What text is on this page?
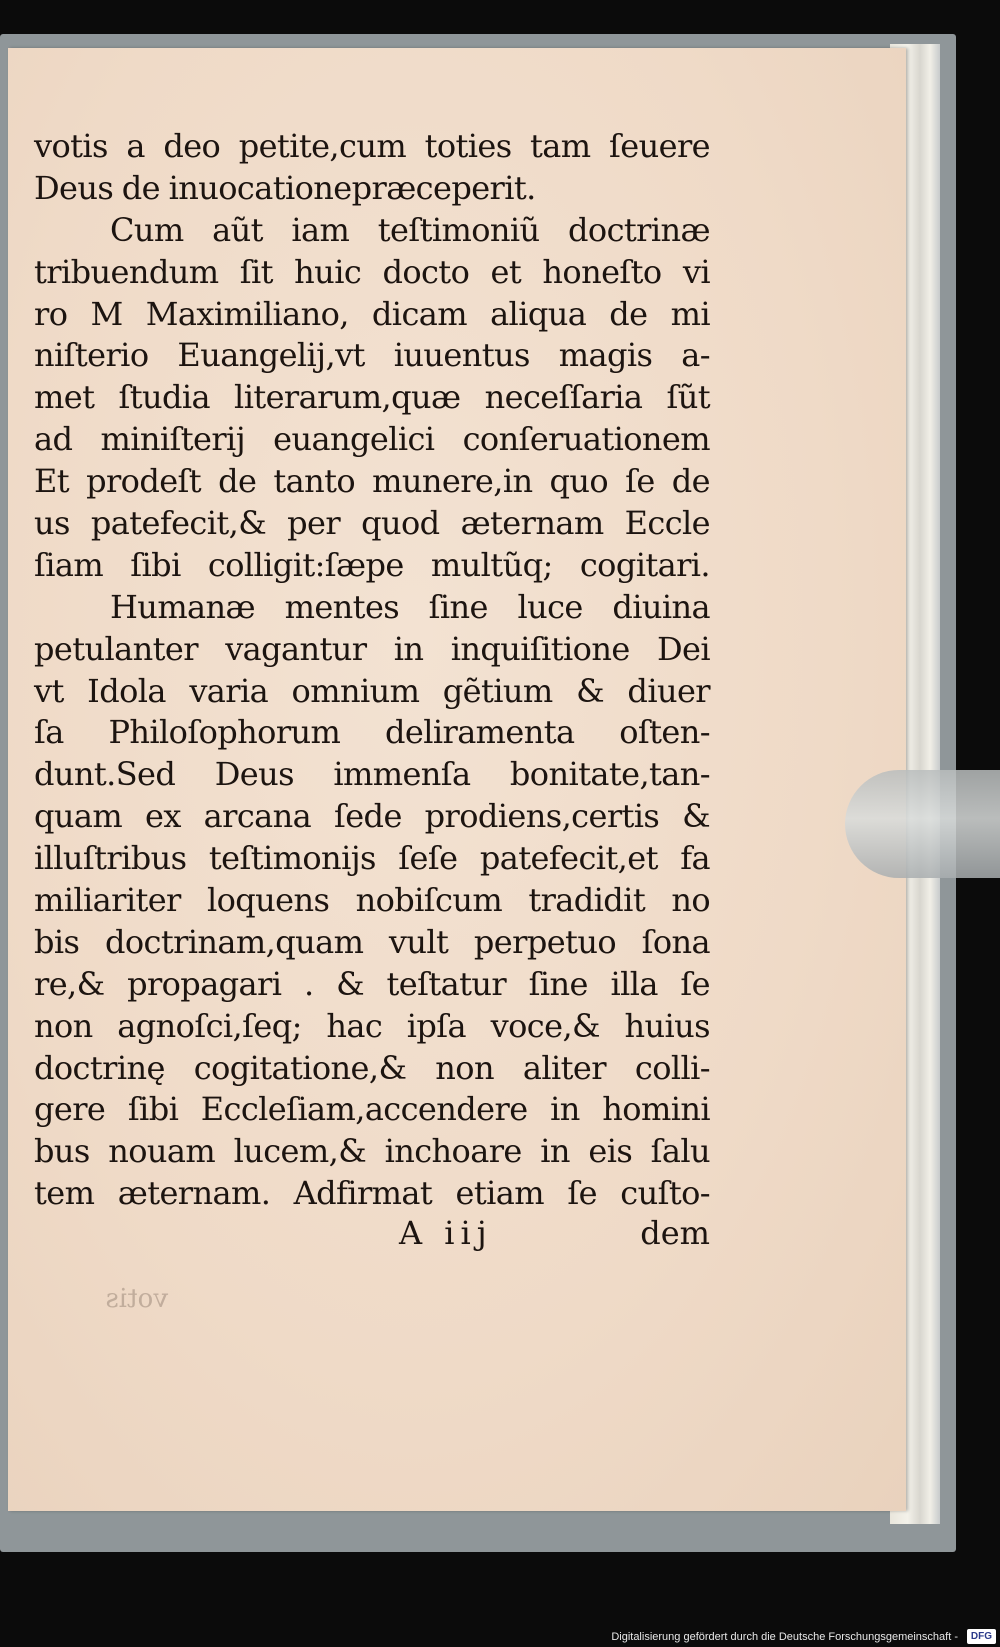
votis
votis a deo petite,cum toties tam ſeuere
Deus de inuocationepræceperit.
Cum aũt iam teſtimoniũ doctrinæ
tribuendum ſit huic docto et honeſto vi
ro M Maximiliano, dicam aliqua de mi
niſterio Euangelij,vt iuuentus magis a-
met ſtudia literarum,quæ neceſſaria ſũt
ad miniſterij euangelici conſeruationem
Et prodeſt de tanto munere,in quo ſe de
us patefecit,& per quod æternam Eccle
ſiam ſibi colligit:ſæpe multũq; cogitari.
Humanæ mentes ſine luce diuina
petulanter vagantur in inquiſitione Dei
vt Idola varia omnium gẽtium & diuer
ſa Philoſophorum deliramenta oſten-
dunt.Sed Deus immenſa bonitate,tan-
quam ex arcana ſede prodiens,certis &
illuſtribus teſtimonijs ſeſe patefecit,et fa
miliariter loquens nobiſcum tradidit no
bis doctrinam,quam vult perpetuo ſona
re,& propagari . & teſtatur ſine illa ſe
non agnoſci,ſeq; hac ipſa voce,& huius
doctrinę cogitatione,& non aliter colli-
gere ſibi Eccleſiam,accendere in homini
bus nouam lucem,& inchoare in eis ſalu
tem æternam. Adfirmat etiam ſe cuſto-
A iij	dem
Digitalisierung gefördert durch die Deutsche Forschungsgemeinschaft -	DFG
